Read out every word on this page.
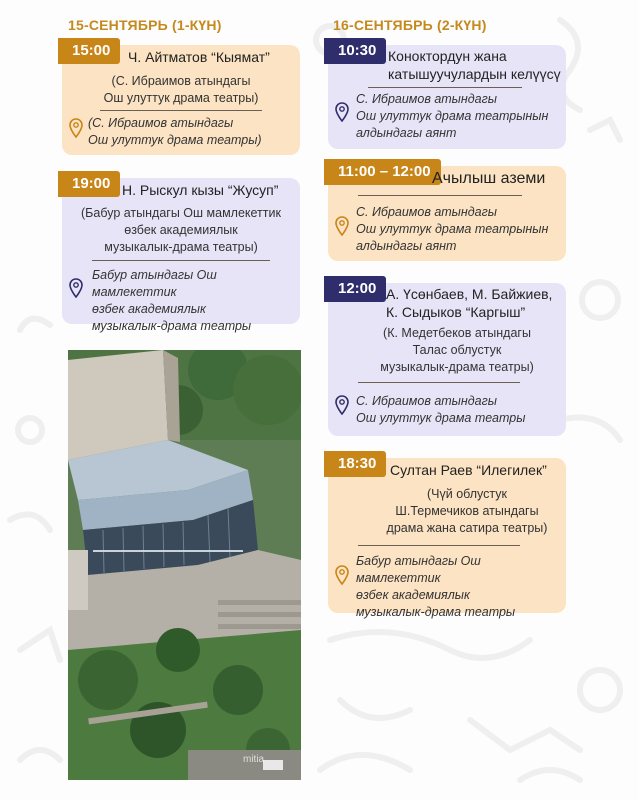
15-СЕНТЯБРЬ (1-КҮН)
15:00	Ч. Айтматов “Кыямат”
(С. Ибраимов атындагы
Ош улуттук драма театры)
(С. Ибраимов атындагы
Ош улуттук драма театры)
19:00 Н. Рыскул кызы “Жусуп”
(Бабур атындагы Ош мамлекеттик
өзбек академиялык
музыкалык-драма театры)
Бабур атындагы Ош мамлекеттик
өзбек академиялык
музыкалык-драма театры
mitia
16-СЕНТЯБРЬ (2-КҮН)
10:30 Коноктордун жана
катышуучулардын келүүсү
С. Ибраимов атындагы
Ош улуттук драма театрынын
алдындагы аянт
11:00 – 12:00 Ачылыш аземи
С. Ибраимов атындагы
Ош улуттук драма театрынын
алдындагы аянт
12:00 А. Үсөнбаев, М. Байжиев,
К. Сыдыков “Каргыш”
(К. Медетбеков атындагы
Талас облустук
музыкалык-драма театры)
С. Ибраимов атындагы
Ош улуттук драма театры
18:30 Султан Раев “Илегилек”
(Чүй облустук
Ш.Термечиков атындагы
драма жана сатира театры)
Бабур атындагы Ош мамлекеттик
өзбек академиялык
музыкалык-драма театры
